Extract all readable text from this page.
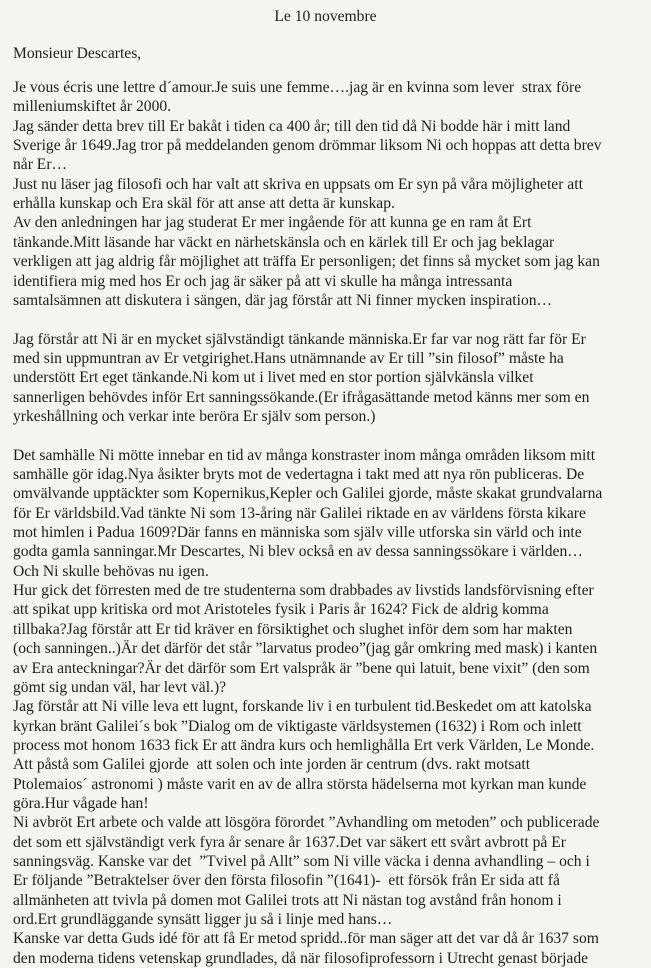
Le 10 novembre
Monsieur Descartes,
Je vous écris une lettre d´amour.Je suis une femme….jag är en kvinna som lever  strax före
milleniumskiftet år 2000.
Jag sänder detta brev till Er bakåt i tiden ca 400 år; till den tid då Ni bodde här i mitt land
Sverige år 1649.Jag tror på meddelanden genom drömmar liksom Ni och hoppas att detta brev
når Er…
Just nu läser jag filosofi och har valt att skriva en uppsats om Er syn på våra möjligheter att
erhålla kunskap och Era skäl för att anse att detta är kunskap.
Av den anledningen har jag studerat Er mer ingående för att kunna ge en ram åt Ert
tänkande.Mitt läsande har väckt en närhetskänsla och en kärlek till Er och jag beklagar
verkligen att jag aldrig får möjlighet att träffa Er personligen; det finns så mycket som jag kan
identifiera mig med hos Er och jag är säker på att vi skulle ha många intressanta
samtalsämnen att diskutera i sängen, där jag förstår att Ni finner mycken inspiration…
Jag förstår att Ni är en mycket självständigt tänkande människa.Er far var nog rätt far för Er
med sin uppmuntran av Er vetgirighet.Hans utnämnande av Er till ”sin filosof” måste ha
understött Ert eget tänkande.Ni kom ut i livet med en stor portion självkänsla vilket
sannerligen behövdes inför Ert sanningssökande.(Er ifrågasättande metod känns mer som en
yrkeshållning och verkar inte beröra Er själv som person.)
Det samhälle Ni mötte innebar en tid av många konstraster inom många områden liksom mitt
samhälle gör idag.Nya åsikter bryts mot de vedertagna i takt med att nya rön publiceras. De
omvälvande upptäckter som Kopernikus,Kepler och Galilei gjorde, måste skakat grundvalarna
för Er världsbild.Vad tänkte Ni som 13-åring när Galilei riktade en av världens första kikare
mot himlen i Padua 1609?Där fanns en människa som själv ville utforska sin värld och inte
godta gamla sanningar.Mr Descartes, Ni blev också en av dessa sanningssökare i världen…
Och Ni skulle behövas nu igen.
Hur gick det förresten med de tre studenterna som drabbades av livstids landsförvisning efter
att spikat upp kritiska ord mot Aristoteles fysik i Paris år 1624? Fick de aldrig komma
tillbaka?Jag förstår att Er tid kräver en försiktighet och slughet inför dem som har makten
(och sanningen..)Är det därför det står ”larvatus prodeo”(jag går omkring med mask) i kanten
av Era anteckningar?Är det därför som Ert valspråk är ”bene qui latuit, bene vixit” (den som
gömt sig undan väl, har levt väl.)?
Jag förstår att Ni ville leva ett lugnt, forskande liv i en turbulent tid.Beskedet om att katolska
kyrkan bränt Galilei´s bok ”Dialog om de viktigaste världsystemen (1632) i Rom och inlett
process mot honom 1633 fick Er att ändra kurs och hemlighålla Ert verk Världen, Le Monde.
Att påstå som Galilei gjorde  att solen och inte jorden är centrum (dvs. rakt motsatt
Ptolemaios´ astronomi ) måste varit en av de allra största hädelserna mot kyrkan man kunde
göra.Hur vågade han!
Ni avbröt Ert arbete och valde att lösgöra förordet ”Avhandling om metoden” och publicerade
det som ett självständigt verk fyra år senare år 1637.Det var säkert ett svårt avbrott på Er
sanningsväg. Kanske var det  ”Tvivel på Allt” som Ni ville väcka i denna avhandling – och i
Er följande ”Betraktelser över den första filosofin ”(1641)-  ett försök från Er sida att få
allmänheten att tvivla på domen mot Galilei trots att Ni nästan tog avstånd från honom i
ord.Ert grundläggande synsätt ligger ju så i linje med hans…
Kanske var detta Guds idé för att få Er metod spridd..för man säger att det var då år 1637 som
den moderna tidens vetenskap grundlades, då när filosofiprofessorn i Utrecht genast började
